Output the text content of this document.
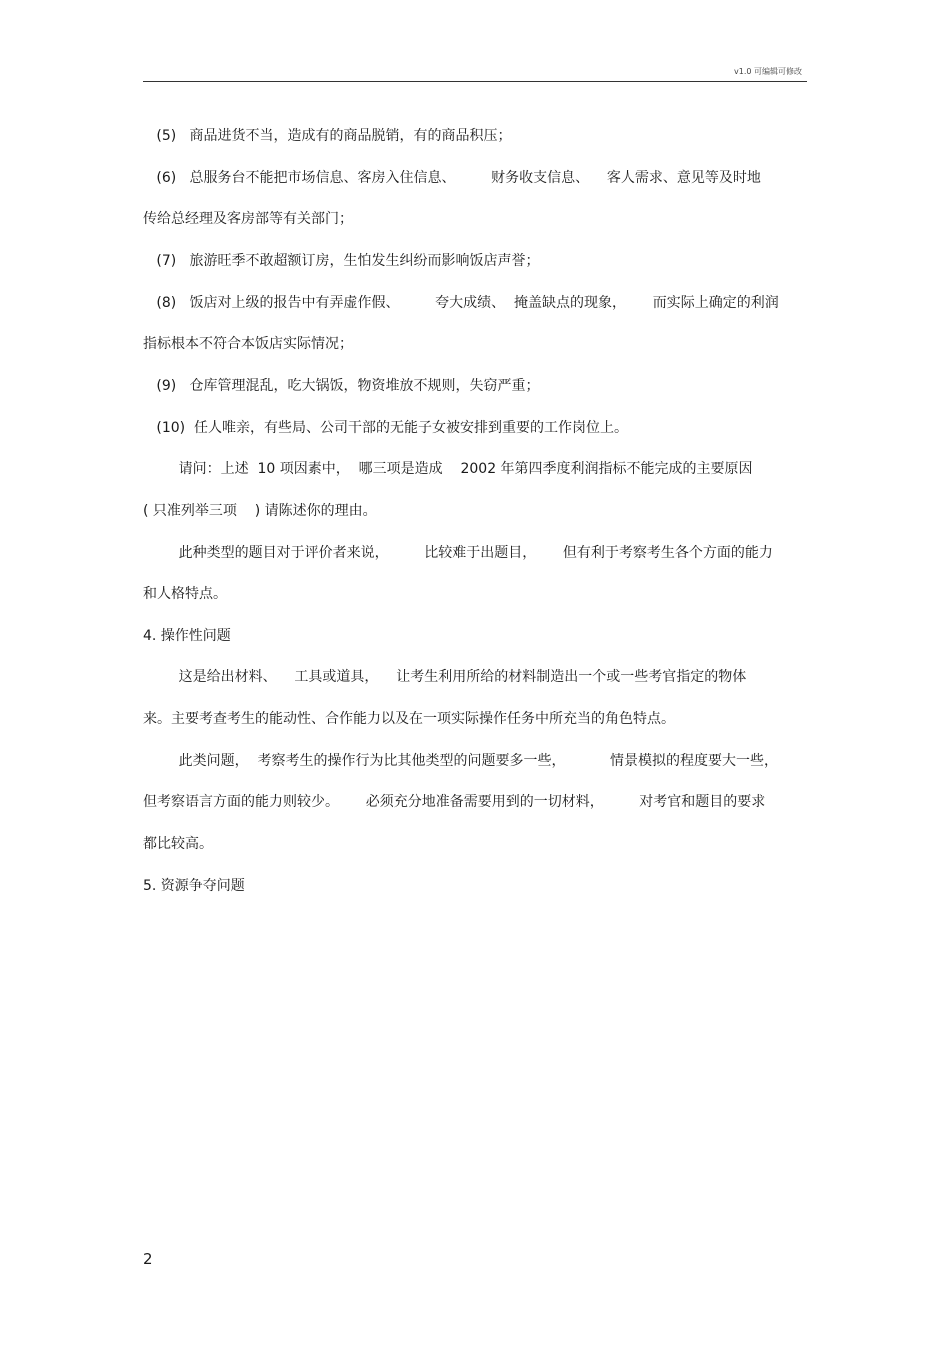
v1.0 可编辑可修改
(5)   商品进货不当，造成有的商品脱销，有的商品积压；
(6)   总服务台不能把市场信息、客房入住信息、        财务收支信息、    客人需求、意见等及时地
传给总经理及客房部等有关部门；
(7)   旅游旺季不敢超额订房，生怕发生纠纷而影响饭店声誉；
(8)   饭店对上级的报告中有弄虚作假、        夸大成绩、  掩盖缺点的现象，      而实际上确定的利润
指标根本不符合本饭店实际情况；
(9)   仓库管理混乱，吃大锅饭，物资堆放不规则，失窃严重；
(10)  任人唯亲，有些局、公司干部的无能子女被安排到重要的工作岗位上。
请问：上述  10 项因素中，  哪三项是造成    2002 年第四季度利润指标不能完成的主要原因
( 只准列举三项    ) 请陈述你的理由。
此种类型的题目对于评价者来说，        比较难于出题目，      但有利于考察考生各个方面的能力
和人格特点。
4. 操作性问题
这是给出材料、    工具或道具，    让考生利用所给的材料制造出一个或一些考官指定的物体
来。主要考查考生的能动性、合作能力以及在一项实际操作任务中所充当的角色特点。
此类问题，  考察考生的操作行为比其他类型的问题要多一些，          情景模拟的程度要大一些，
但考察语言方面的能力则较少。      必须充分地准备需要用到的一切材料，        对考官和题目的要求
都比较高。
5. 资源争夺问题
2
